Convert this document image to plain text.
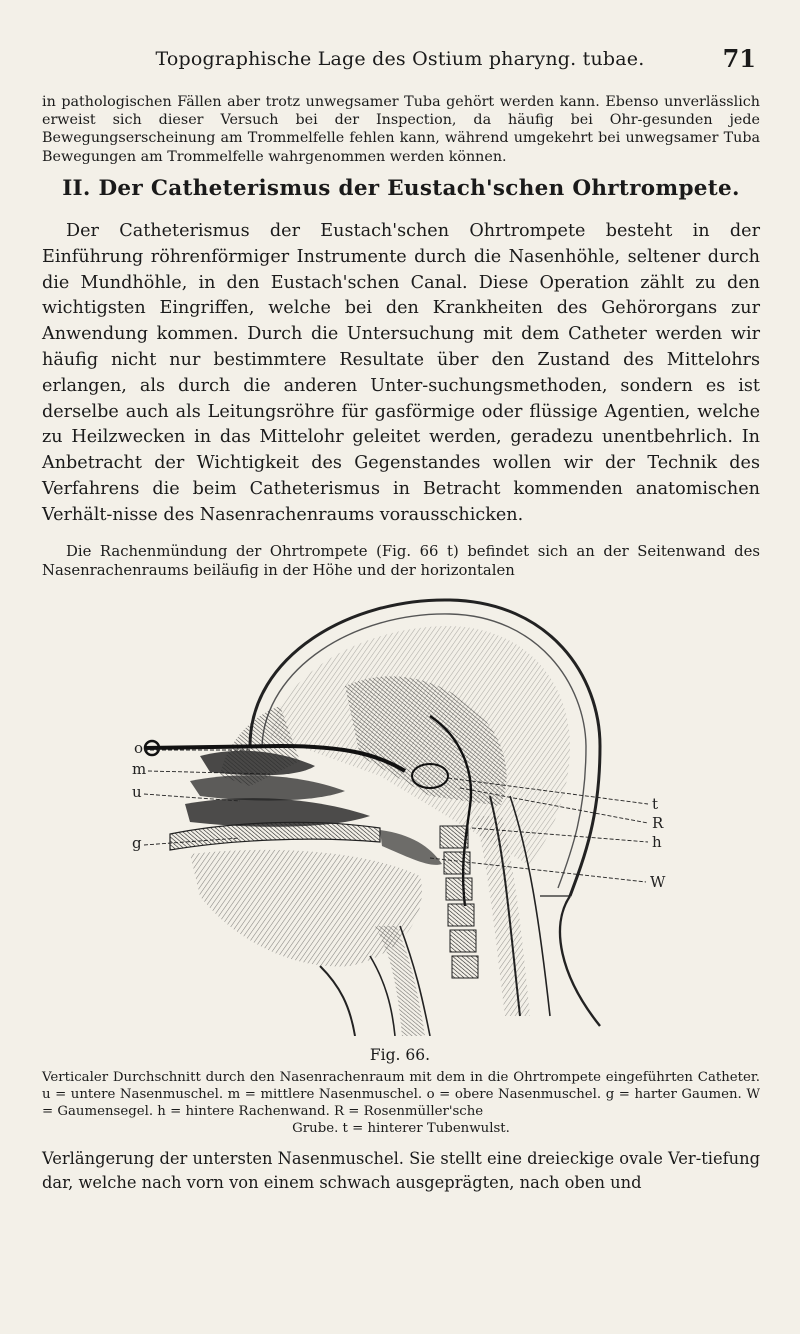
Topographische Lage des Ostium pharyng. tubae.	71

in pathologischen Fällen aber trotz unwegsamer Tuba gehört werden kann. Ebenso unverlässlich erweist sich dieser Versuch bei der Inspection, da häufig bei Ohr-gesunden jede Bewegungserscheinung am Trommelfelle fehlen kann, während umgekehrt bei unwegsamer Tuba Bewegungen am Trommelfelle wahrgenommen werden können.

II. Der Catheterismus der Eustach'schen Ohrtrompete.

Der Catheterismus der Eustach'schen Ohrtrompete besteht in der Einführung röhrenförmiger Instrumente durch die Nasenhöhle, seltener durch die Mundhöhle, in den Eustach'schen Canal. Diese Operation zählt zu den wichtigsten Eingriffen, welche bei den Krankheiten des Gehörorgans zur Anwendung kommen. Durch die Untersuchung mit dem Catheter werden wir häufig nicht nur bestimmtere Resultate über den Zustand des Mittelohrs erlangen, als durch die anderen Unter-suchungsmethoden, sondern es ist derselbe auch als Leitungsröhre für gasförmige oder flüssige Agentien, welche zu Heilzwecken in das Mittelohr geleitet werden, geradezu unentbehrlich. In Anbetracht der Wichtigkeit des Gegenstandes wollen wir der Technik des Verfahrens die beim Catheterismus in Betracht kommenden anatomischen Verhält-nisse des Nasenrachenraums vorausschicken.

Die Rachenmündung der Ohrtrompete (Fig. 66 t) befindet sich an der Seitenwand des Nasenrachenraums beiläufig in der Höhe und der horizontalen

o
m
u
g
t
R
h
W
Fig. 66.

Verticaler Durchschnitt durch den Nasenrachenraum mit dem in die Ohrtrompete eingeführten Catheter. u = untere Nasenmuschel. m = mittlere Nasenmuschel. o = obere Nasenmuschel. g = harter Gaumen. W = Gaumensegel. h = hintere Rachenwand. R = Rosenmüller'sche

Grube. t = hinterer Tubenwulst.

Verlängerung der untersten Nasenmuschel. Sie stellt eine dreieckige ovale Ver-tiefung dar, welche nach vorn von einem schwach ausgeprägten, nach oben und
